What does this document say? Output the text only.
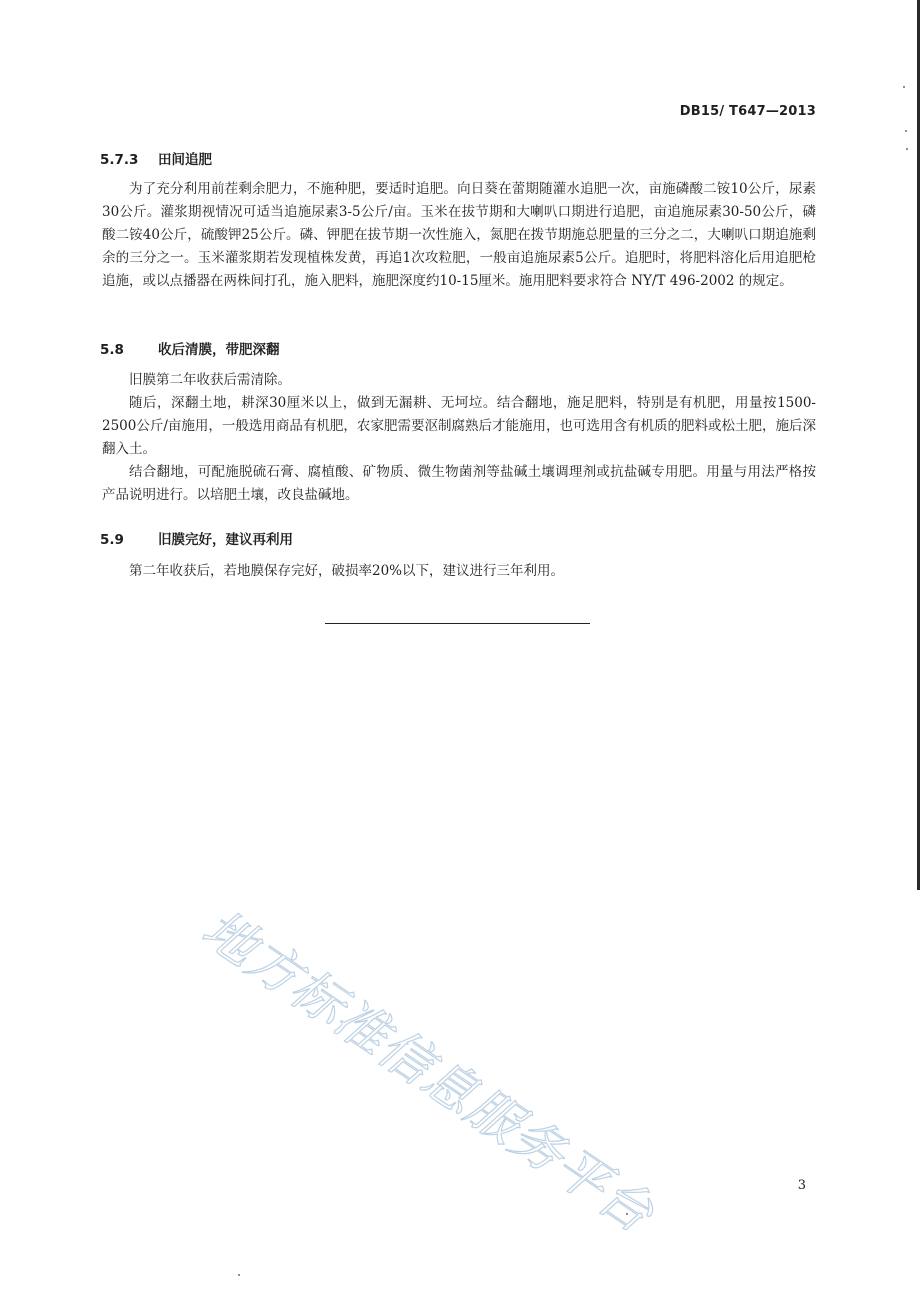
DB15/ T647—2013
5.7.3 田间追肥

为了充分利用前茬剩余肥力，不施种肥，要适时追肥。向日葵在蕾期随灌水追肥一次，亩施磷酸二铵10公斤，尿素30公斤。灌浆期视情况可适当追施尿素3-5公斤/亩。玉米在拔节期和大喇叭口期进行追肥，亩追施尿素30-50公斤，磷酸二铵40公斤，硫酸钾25公斤。磷、钾肥在拔节期一次性施入，氮肥在拨节期施总肥量的三分之二，大喇叭口期追施剩余的三分之一。玉米灌浆期若发现植株发黄，再追1次攻粒肥，一般亩追施尿素5公斤。追肥时，将肥料溶化后用追肥枪追施，或以点播器在两株间打孔，施入肥料，施肥深度约10-15厘米。施用肥料要求符合 NY/T 496-2002 的规定。

5.8	收后清膜，带肥深翻

旧膜第二年收获后需清除。

随后，深翻土地，耕深30厘米以上，做到无漏耕、无坷垃。结合翻地，施足肥料，特别是有机肥，用量按1500-2500公斤/亩施用，一般选用商品有机肥，农家肥需要沤制腐熟后才能施用，也可选用含有机质的肥料或松土肥，施后深翻入土。

结合翻地，可配施脱硫石膏、腐植酸、矿物质、微生物菌剂等盐碱土壤调理剂或抗盐碱专用肥。用量与用法严格按产品说明进行。以培肥土壤，改良盐碱地。

5.9	旧膜完好，建议再利用

第二年收获后，若地膜保存完好，破损率20%以下，建议进行三年利用。

地方标准信息服务平台	3
